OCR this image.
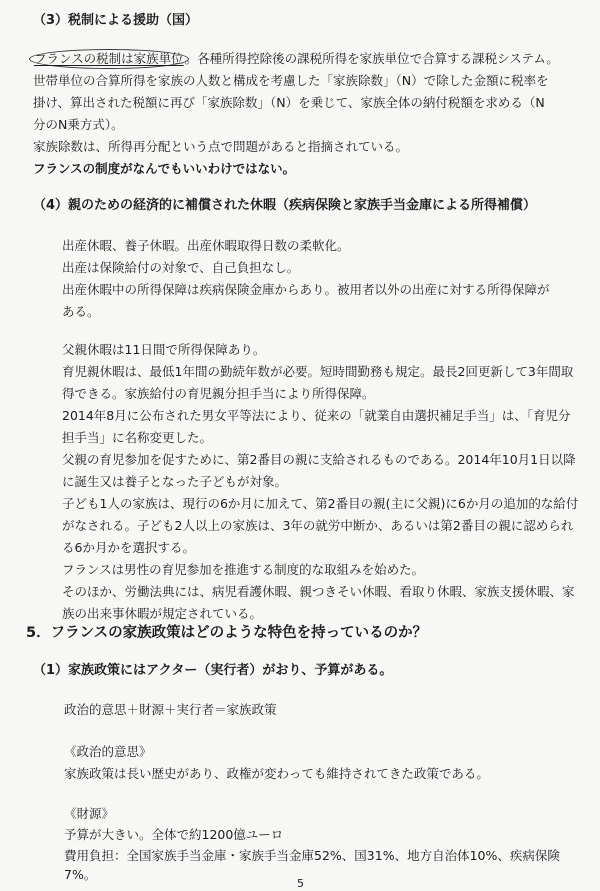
（3）税制による援助（国）
フランスの税制は家族単位。各種所得控除後の課税所得を家族単位で合算する課税システム。
世帯単位の合算所得を家族の人数と構成を考慮した「家族除数」（N）で除した金額に税率を
掛け、算出された税額に再び「家族除数」（N）を乗じて、家族全体の納付税額を求める（N
分のN乗方式）。
家族除数は、所得再分配という点で問題があると指摘されている。
フランスの制度がなんでもいいわけではない。
（4）親のための経済的に補償された休暇（疾病保険と家族手当金庫による所得補償）
出産休暇、養子休暇。出産休暇取得日数の柔軟化。
出産は保険給付の対象で、自己負担なし。
出産休暇中の所得保障は疾病保険金庫からあり。被用者以外の出産に対する所得保障が
ある。
父親休暇は11日間で所得保障あり。
育児親休暇は、最低1年間の勤続年数が必要。短時間勤務も規定。最長2回更新して3年間取
得できる。家族給付の育児親分担手当により所得保障。
2014年8月に公布された男女平等法により、従来の「就業自由選択補足手当」は、「育児分
担手当」に名称変更した。
父親の育児参加を促すために、第2番目の親に支給されるものである。2014年10月1日以降
に誕生又は養子となった子どもが対象。
子ども1人の家族は、現行の6か月に加えて、第2番目の親(主に父親)に6か月の追加的な給付
がなされる。子ども2人以上の家族は、3年の就労中断か、あるいは第2番目の親に認められ
る6か月かを選択する。
フランスは男性の育児参加を推進する制度的な取組みを始めた。
そのほか、労働法典には、病児看護休暇、親つきそい休暇、看取り休暇、家族支援休暇、家
族の出来事休暇が規定されている。
5．フランスの家族政策はどのような特色を持っているのか？
（1）家族政策にはアクター（実行者）がおり、予算がある。
政治的意思＋財源＋実行者＝家族政策
《政治的意思》
家族政策は長い歴史があり、政権が変わっても維持されてきた政策である。
《財源》
予算が大きい。全体で約1200億ユーロ
費用負担：全国家族手当金庫・家族手当金庫52%、国31%、地方自治体10%、疾病保険
7%。
5
